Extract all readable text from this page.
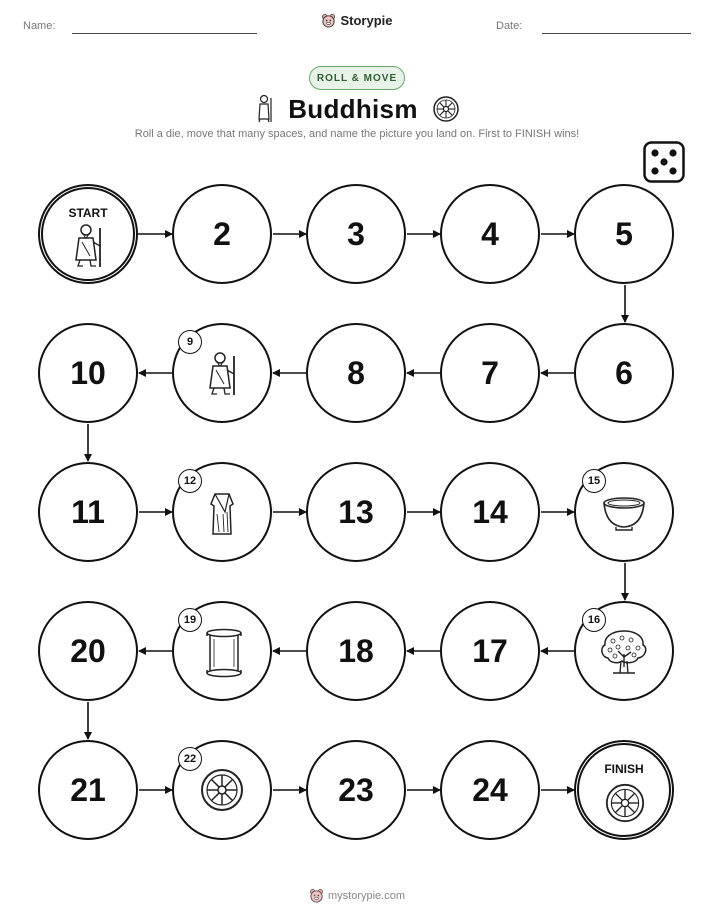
Name:	Date:
Storypie
ROLL & MOVE
Buddhism
Roll a die, move that many spaces, and name the picture you land on. First to FINISH wins!
START
2	3	4	5
6
7
8
9
10
11
12
13	14
15
16
17
18
19
20
21
22
23	24
FINISH
mystorypie.com
